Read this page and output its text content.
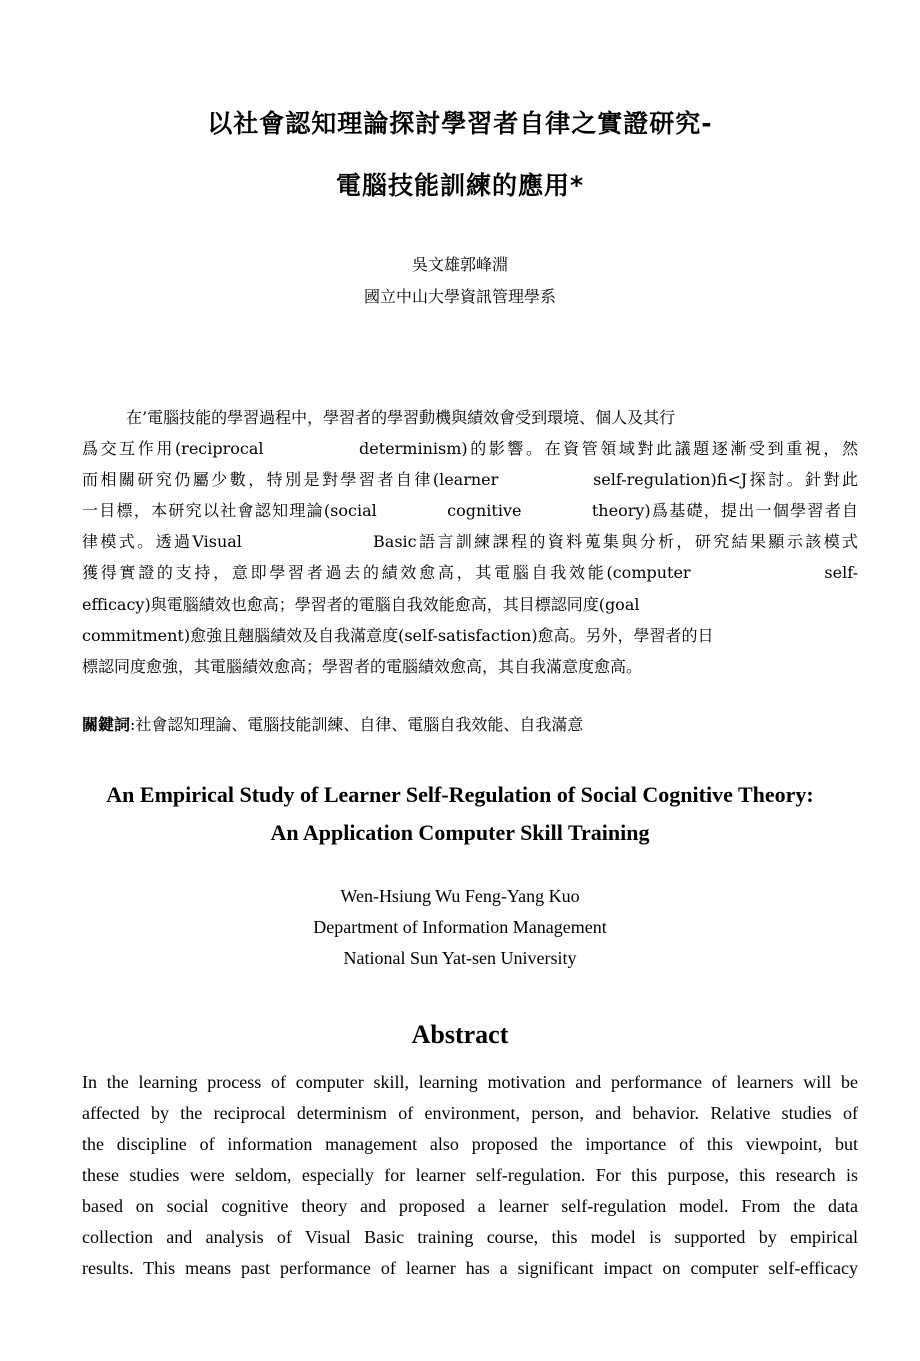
以社會認知理論探討學習者自律之實證研究-
電腦技能訓練的應用*
吳文雄郭峰淵
國立中山大學資訊管理學系
在’電腦技能的學習過程中，學習者的學習動機與績效會受到環境、個人及其行
爲交互作用(reciprocal　　　　　determinism)的影響。在資管領域對此議題逐漸受到重視，然
而相關研究仍屬少數，特別是對學習者自律(learner　　　　　self-regulation)fi<J探討。針對此
一目標，本研究以社會認知理論(social　　　　cognitive　　　　theory)爲基礎，提出一個學習者自
律模式。透過Visual　　　　　　　Basic語言訓練課程的資料蒐集與分析，研究結果顯示該模式
獲得實證的支持，意即學習者過去的績效愈高，其電腦自我效能(computer　　　　　　　self-
efficacy)與電腦績效也愈高；學習者的電腦自我效能愈高，其目標認同度(goal
commitment)愈強且翹腦績效及自我滿意度(self-satisfaction)愈高。另外，學習者的日
標認同度愈強，其電腦績效愈高；學習者的電腦績效愈高，其自我滿意度愈高。
關鍵詞:社會認知理論、電腦技能訓練、自律、電腦自我效能、自我滿意
An Empirical Study of Learner Self-Regulation of Social Cognitive Theory:
An Application Computer Skill Training
Wen-Hsiung Wu Feng-Yang Kuo
Department of Information Management
National Sun Yat-sen University
Abstract
In the learning process of computer skill, learning motivation and performance of learners will be
affected by the reciprocal determinism of environment, person, and behavior. Relative studies of
the discipline of information management also proposed the importance of this viewpoint, but
these studies were seldom, especially for learner self-regulation. For this purpose, this research is
based on social cognitive theory and proposed a learner self-regulation model. From the data
collection and analysis of Visual Basic training course, this model is supported by empirical
results. This means past performance of learner has a significant impact on computer self-efficacy
